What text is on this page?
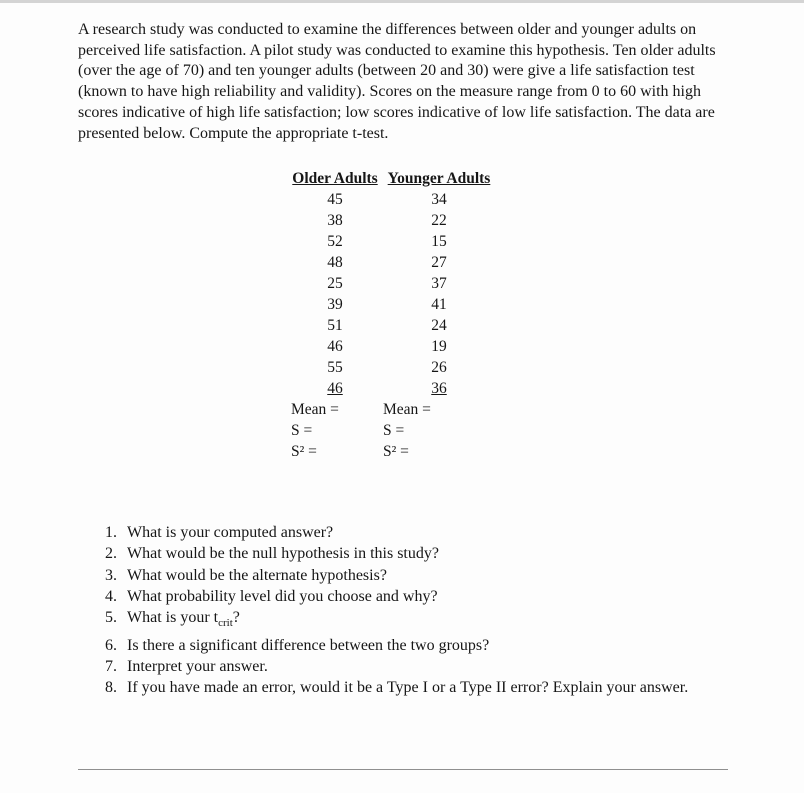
A research study was conducted to examine the differences between older and younger adults on perceived life satisfaction. A pilot study was conducted to examine this hypothesis. Ten older adults (over the age of 70) and ten younger adults (between 20 and 30) were give a life satisfaction test (known to have high reliability and validity). Scores on the measure range from 0 to 60 with high scores indicative of high life satisfaction; low scores indicative of low life satisfaction. The data are presented below. Compute the appropriate t-test.

Older Adults Younger Adults
45	34
38	22
52	15
48	27
25	37
39	41
51	24
46	19
55	26
46	36
Mean =	Mean =
S =	S =
S² =	S² =
1. What is your computed answer?
2. What would be the null hypothesis in this study?
3. What would be the alternate hypothesis?
4. What probability level did you choose and why?
5. What is your $t_{crit}$?
6. Is there a significant difference between the two groups?
7. Interpret your answer.
8. If you have made an error, would it be a Type I or a Type II error? Explain your answer.
